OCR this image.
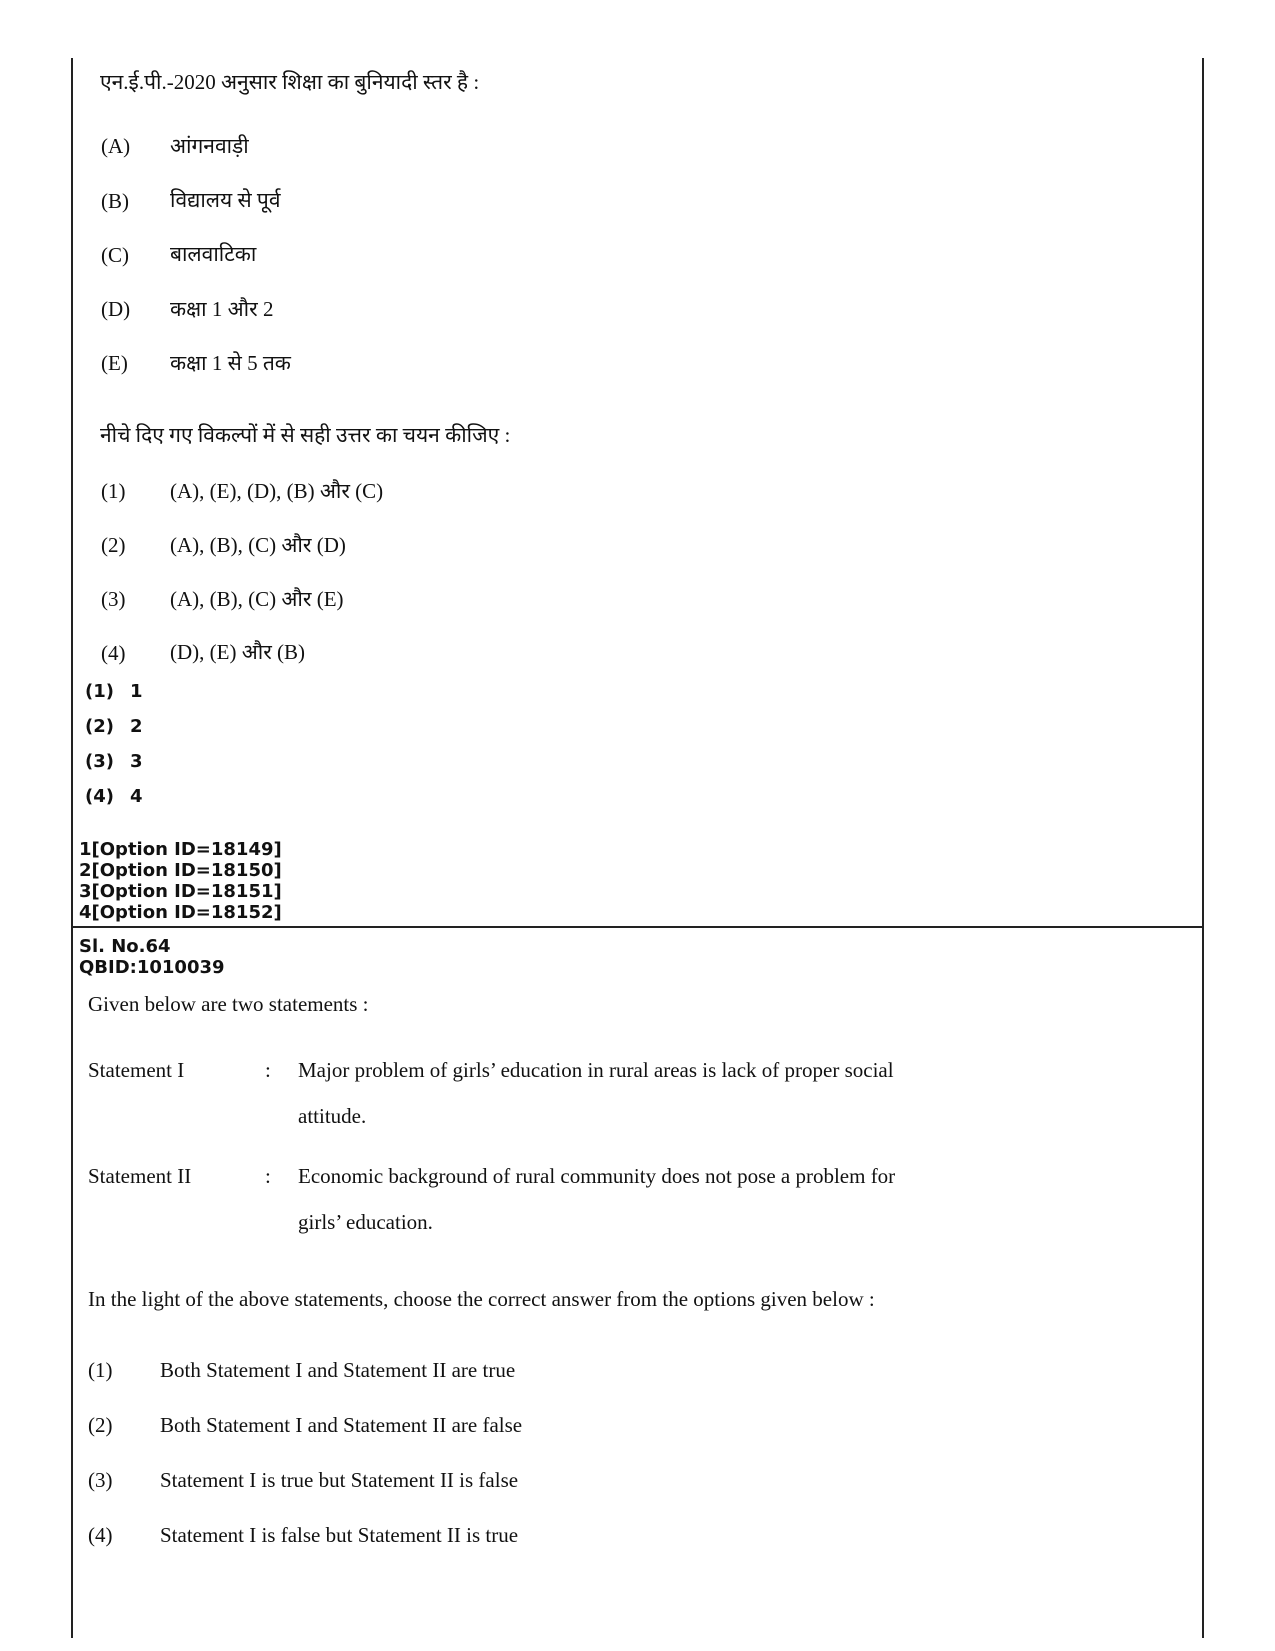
एन.ई.पी.-2020 अनुसार शिक्षा का बुनियादी स्तर है :
(A) आंगनवाड़ी
(B) विद्यालय से पूर्व
(C) बालवाटिका
(D) कक्षा 1 और 2
(E) कक्षा 1 से 5 तक
नीचे दिए गए विकल्पों में से सही उत्तर का चयन कीजिए :
(1) (A), (E), (D), (B) और (C)
(2) (A), (B), (C) और (D)
(3) (A), (B), (C) और (E)
(4) (D), (E) और (B)
(1) 1
(2) 2
(3) 3
(4) 4
1[Option ID=18149]
2[Option ID=18150]
3[Option ID=18151]
4[Option ID=18152]
Sl. No.64
QBID:1010039
Given below are two statements :
Statement I	: Major problem of girls’ education in rural areas is lack of proper social
attitude.
Statement II	: Economic background of rural community does not pose a problem for
girls’ education.
In the light of the above statements, choose the correct answer from the options given below :
(1) Both Statement I and Statement II are true
(2) Both Statement I and Statement II are false
(3) Statement I is true but Statement II is false
(4) Statement I is false but Statement II is true
